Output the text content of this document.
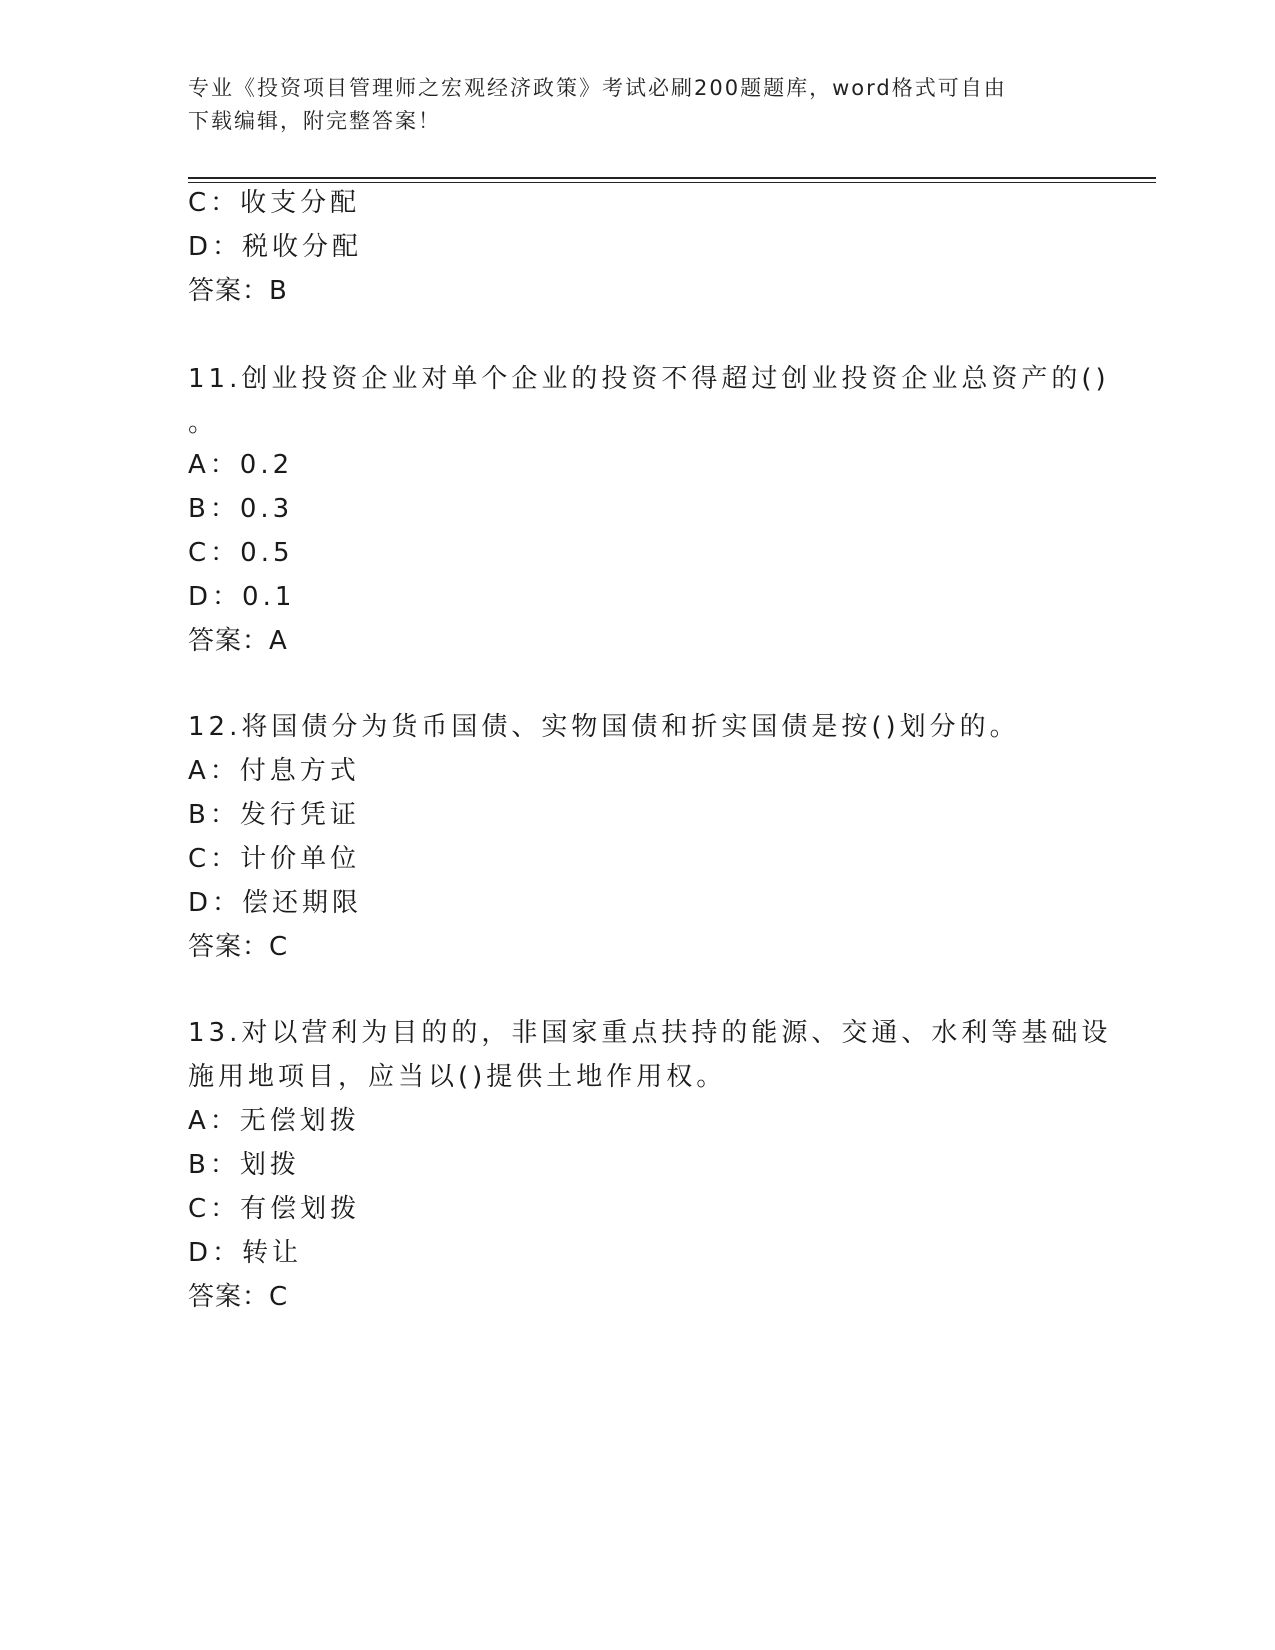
专业《投资项目管理师之宏观经济政策》考试必刷200题题库，word格式可自由
下载编辑，附完整答案！
C：收支分配
D：税收分配
答案：B
11.创业投资企业对单个企业的投资不得超过创业投资企业总资产的()
。
A：0.2
B：0.3
C：0.5
D：0.1
答案：A
12.将国债分为货币国债、实物国债和折实国债是按()划分的。
A：付息方式
B：发行凭证
C：计价单位
D：偿还期限
答案：C
13.对以营利为目的的，非国家重点扶持的能源、交通、水利等基础设
施用地项目，应当以()提供土地作用权。
A：无偿划拨
B：划拨
C：有偿划拨
D：转让
答案：C
